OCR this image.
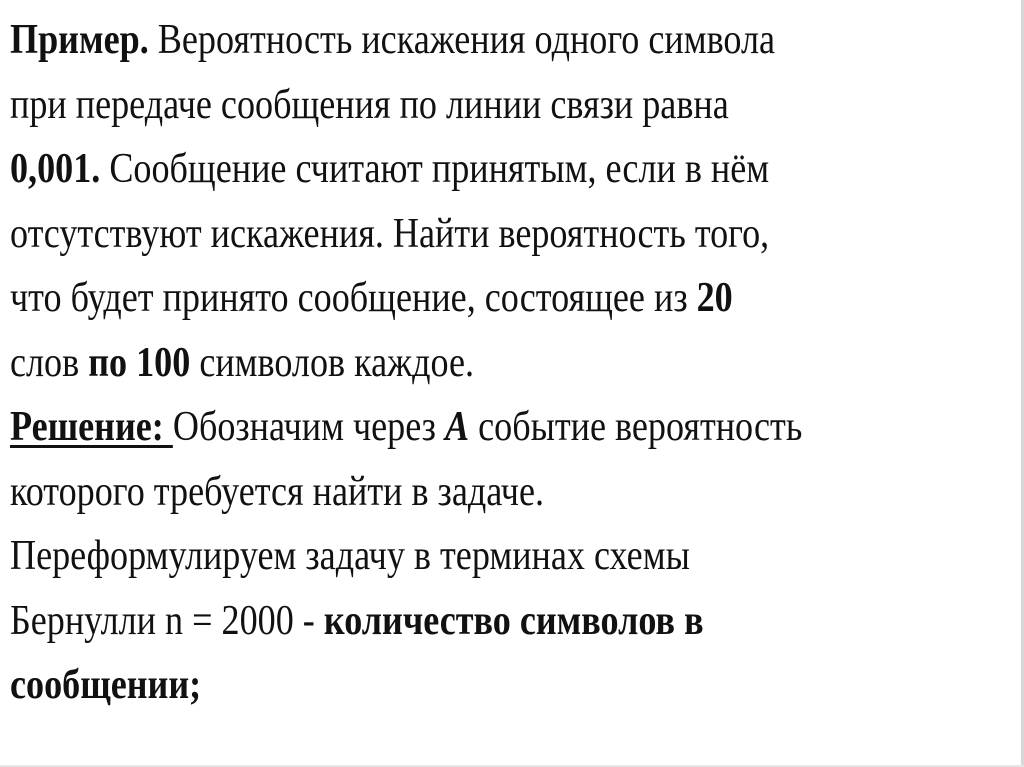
Пример. Вероятность искажения одного символа
при передаче сообщения по линии связи равна
0,001. Сообщение считают принятым, если в нём
отсутствуют искажения. Найти вероятность того,
что будет принято сообщение, состоящее из 20
слов по 100 символов каждое.
Решение: Обозначим через А событие вероятность
которого требуется найти в задаче.
Переформулируем задачу в терминах схемы
Бернулли n = 2000 - количество символов в
сообщении;
